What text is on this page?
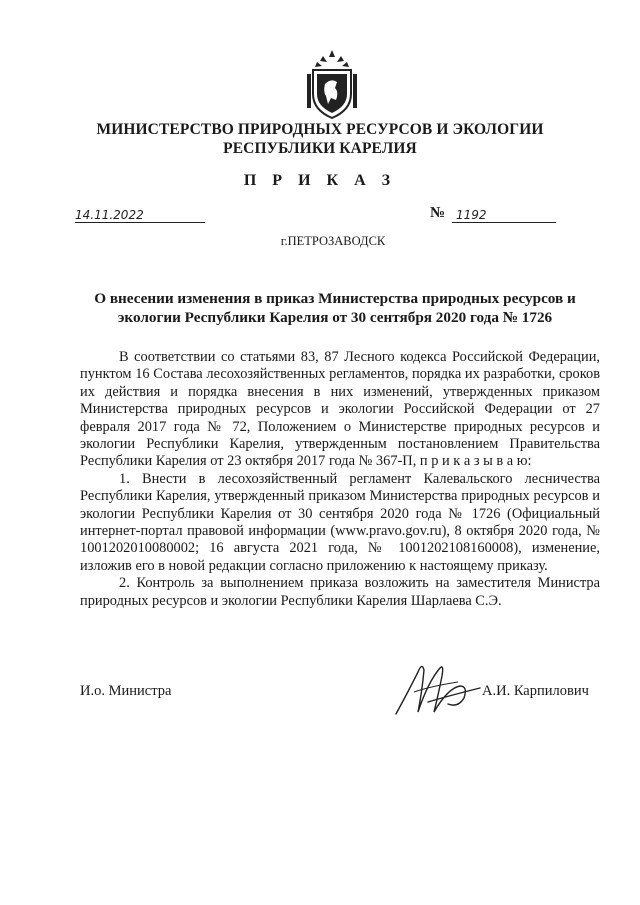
МИНИСТЕРСТВО ПРИРОДНЫХ РЕСУРСОВ И ЭКОЛОГИИ
РЕСПУБЛИКИ КАРЕЛИЯ
П Р И К А З
14.11.2022	№ 1192
г.ПЕТРОЗАВОДСК
О внесении изменения в приказ Министерства природных ресурсов и экологии Республики Карелия от 30 сентября 2020 года № 1726

В соответствии со статьями 83, 87 Лесного кодекса Российской Федерации, пунктом 16 Состава лесохозяйственных регламентов, порядка их разработки, сроков их действия и порядка внесения в них изменений, утвержденных приказом Министерства природных ресурсов и экологии Российской Федерации от 27 февраля 2017 года № 72, Положением о Министерстве природных ресурсов и экологии Республики Карелия, утвержденным постановлением Правительства Республики Карелия от 23 октября 2017 года № 367-П, п р и к а з ы в а ю:

1. Внести в лесохозяйственный регламент Калевальского лесничества Республики Карелия, утвержденный приказом Министерства природных ресурсов и экологии Республики Карелия от 30 сентября 2020 года № 1726 (Официальный интернет-портал правовой информации (www.pravo.gov.ru), 8 октября 2020 года, № 1001202010080002; 16 августа 2021 года, № 1001202108160008), изменение, изложив его в новой редакции согласно приложению к настоящему приказу.

2. Контроль за выполнением приказа возложить на заместителя Министра природных ресурсов и экологии Республики Карелия Шарлаева С.Э.

И.о. Министра	А.И. Карпилович
